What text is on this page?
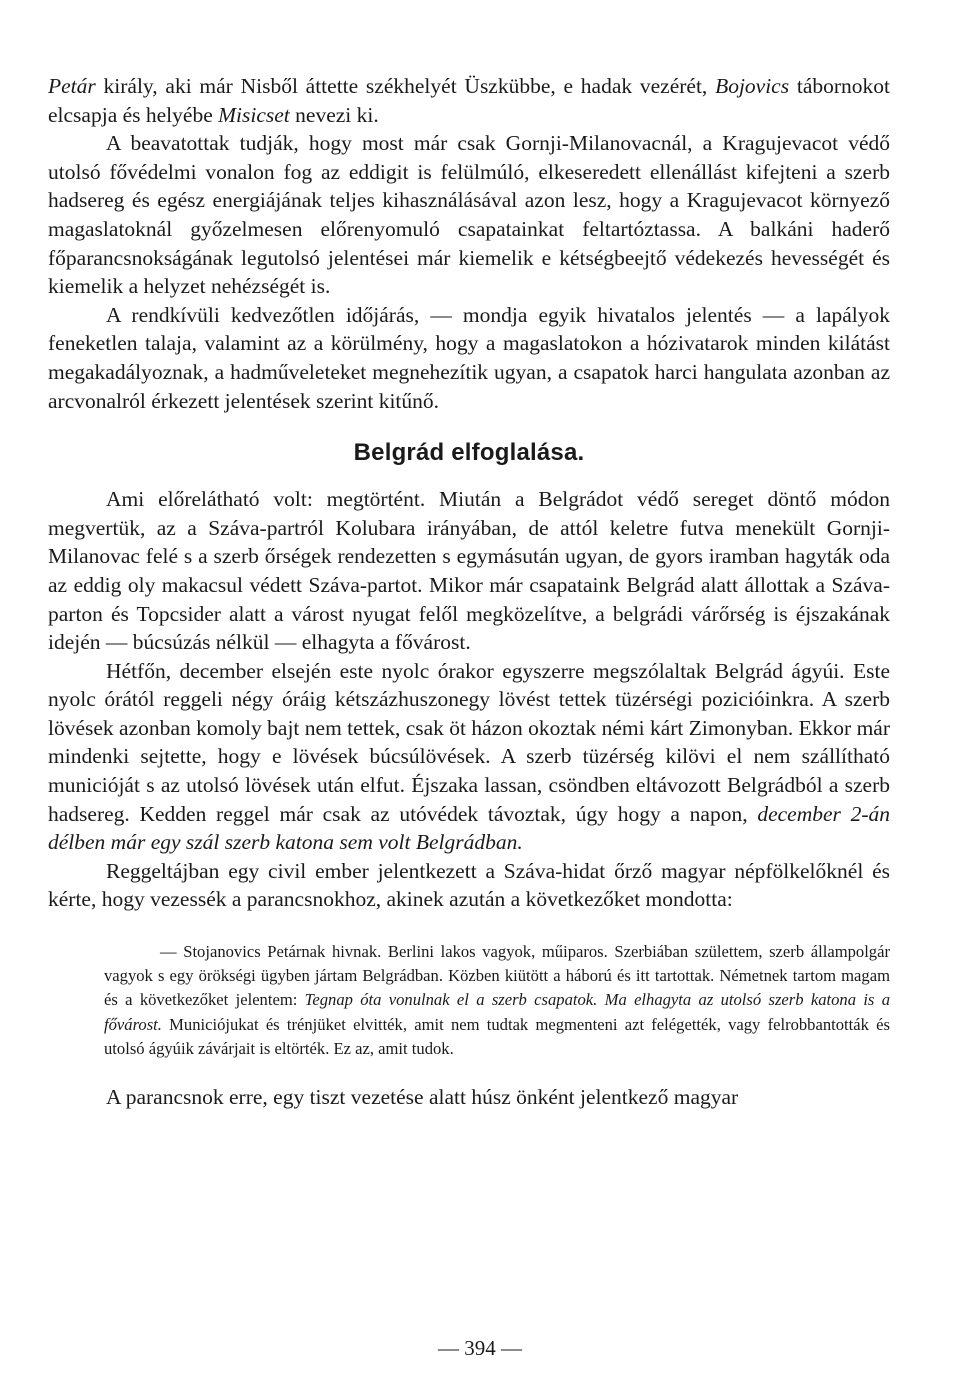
Petár király, aki már Nisből áttette székhelyét Üszkübbe, e hadak vezérét, Bojovics tábornokot elcsapja és helyébe Misicset nevezi ki.

A beavatottak tudják, hogy most már csak Gornji-Milanovacnál, a Kragujevacot védő utolsó fővédelmi vonalon fog az eddigit is felülmúló, elkeseredett ellenállást kifejteni a szerb hadsereg és egész energiájának teljes kihasználásával azon lesz, hogy a Kragujevacot környező magaslatoknál győzelmesen előrenyomuló csapatainkat feltartóztassa. A balkáni haderő főparancsnokságának legutolsó jelentései már kiemelik e kétségbeejtő védekezés hevességét és kiemelik a helyzet nehézségét is.

A rendkívüli kedvezőtlen időjárás, — mondja egyik hivatalos jelentés — a lapályok feneketlen talaja, valamint az a körülmény, hogy a magaslatokon a hózivatarok minden kilátást megakadályoznak, a hadműveleteket megnehezítik ugyan, a csapatok harci hangulata azonban az arcvonalról érkezett jelentések szerint kitűnő.

Belgrád elfoglalása.

Ami előrelátható volt: megtörtént. Miután a Belgrádot védő sereget döntő módon megvertük, az a Száva-partról Kolubara irányában, de attól keletre futva menekült Gornji-Milanovac felé s a szerb őrségek rendezetten s egymásután ugyan, de gyors iramban hagyták oda az eddig oly makacsul védett Száva-partot. Mikor már csapataink Belgrád alatt állottak a Száva-parton és Topcsider alatt a várost nyugat felől megközelítve, a belgrádi várőrség is éjszakának idején — búcsúzás nélkül — elhagyta a fővárost.

Hétfőn, december elsején este nyolc órakor egyszerre megszólaltak Belgrád ágyúi. Este nyolc órától reggeli négy óráig kétszázhuszonegy lövést tettek tüzérségi pozicióinkra. A szerb lövések azonban komoly bajt nem tettek, csak öt házon okoztak némi kárt Zimonyban. Ekkor már mindenki sejtette, hogy e lövések búcsúlövések. A szerb tüzérség kilövi el nem szállítható municióját s az utolsó lövések után elfut. Éjszaka lassan, csöndben eltávozott Belgrádból a szerb hadsereg. Kedden reggel már csak az utóvédek távoztak, úgy hogy a napon, december 2-án délben már egy szál szerb katona sem volt Belgrádban.

Reggeltájban egy civil ember jelentkezett a Száva-hidat őrző magyar népfölkelőknél és kérte, hogy vezessék a parancsnokhoz, akinek azután a következőket mondotta:

— Stojanovics Petárnak hivnak. Berlini lakos vagyok, műiparos. Szerbiában születtem, szerb állampolgár vagyok s egy örökségi ügyben jártam Belgrádban. Közben kiütött a háború és itt tartottak. Németnek tartom magam és a következőket jelentem: Tegnap óta vonulnak el a szerb csapatok. Ma elhagyta az utolsó szerb katona is a fővárost. Municiójukat és trénjüket elvitték, amit nem tudtak megmenteni azt felégették, vagy felrobbantották és utolsó ágyúik závárjait is eltörték. Ez az, amit tudok.

A parancsnok erre, egy tiszt vezetése alatt húsz önként jelentkező magyar

— 394 —
